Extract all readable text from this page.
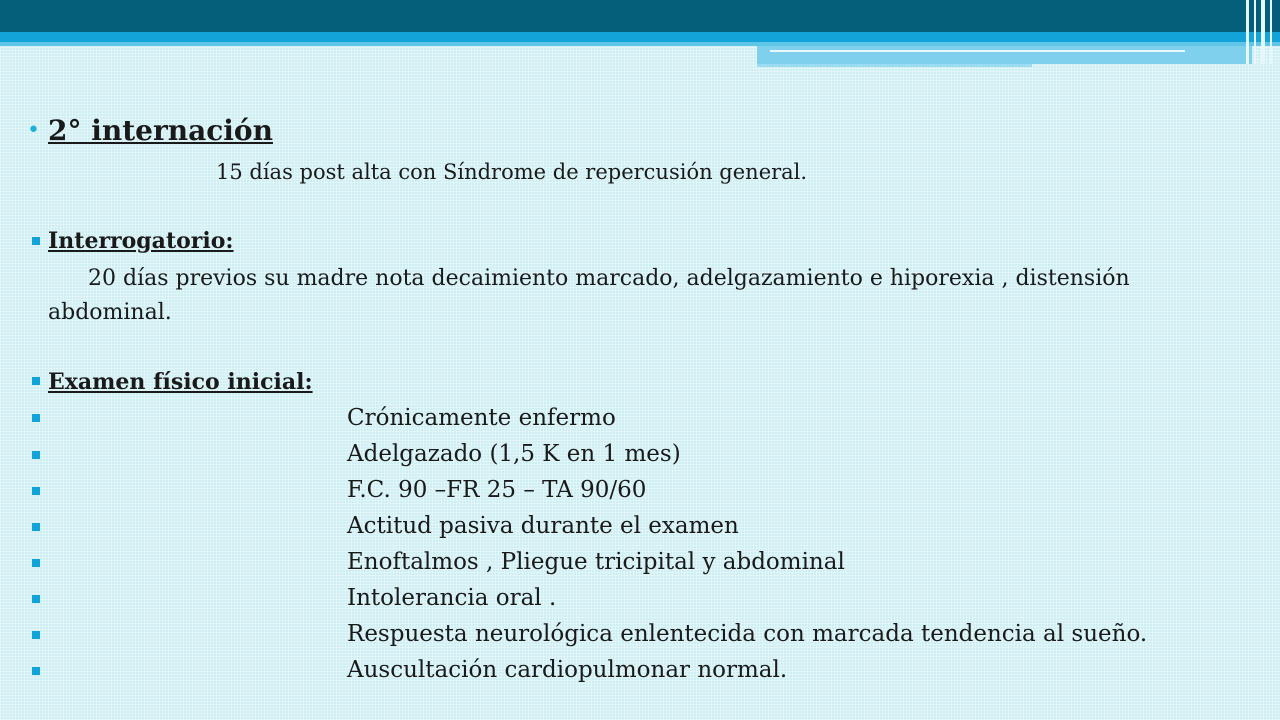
• 2° internación
15 días post alta con Síndrome de repercusión general.
Interrogatorio:
20 días previos su madre nota decaimiento marcado, adelgazamiento e hiporexia , distensión
abdominal.
Examen físico inicial:
Crónicamente enfermo
Adelgazado (1,5 K en 1 mes)
F.C. 90 –FR 25 – TA 90/60
Actitud pasiva durante el examen
Enoftalmos , Pliegue tricipital y abdominal
Intolerancia oral .
Respuesta neurológica enlentecida con marcada tendencia al sueño.
Auscultación cardiopulmonar normal.
